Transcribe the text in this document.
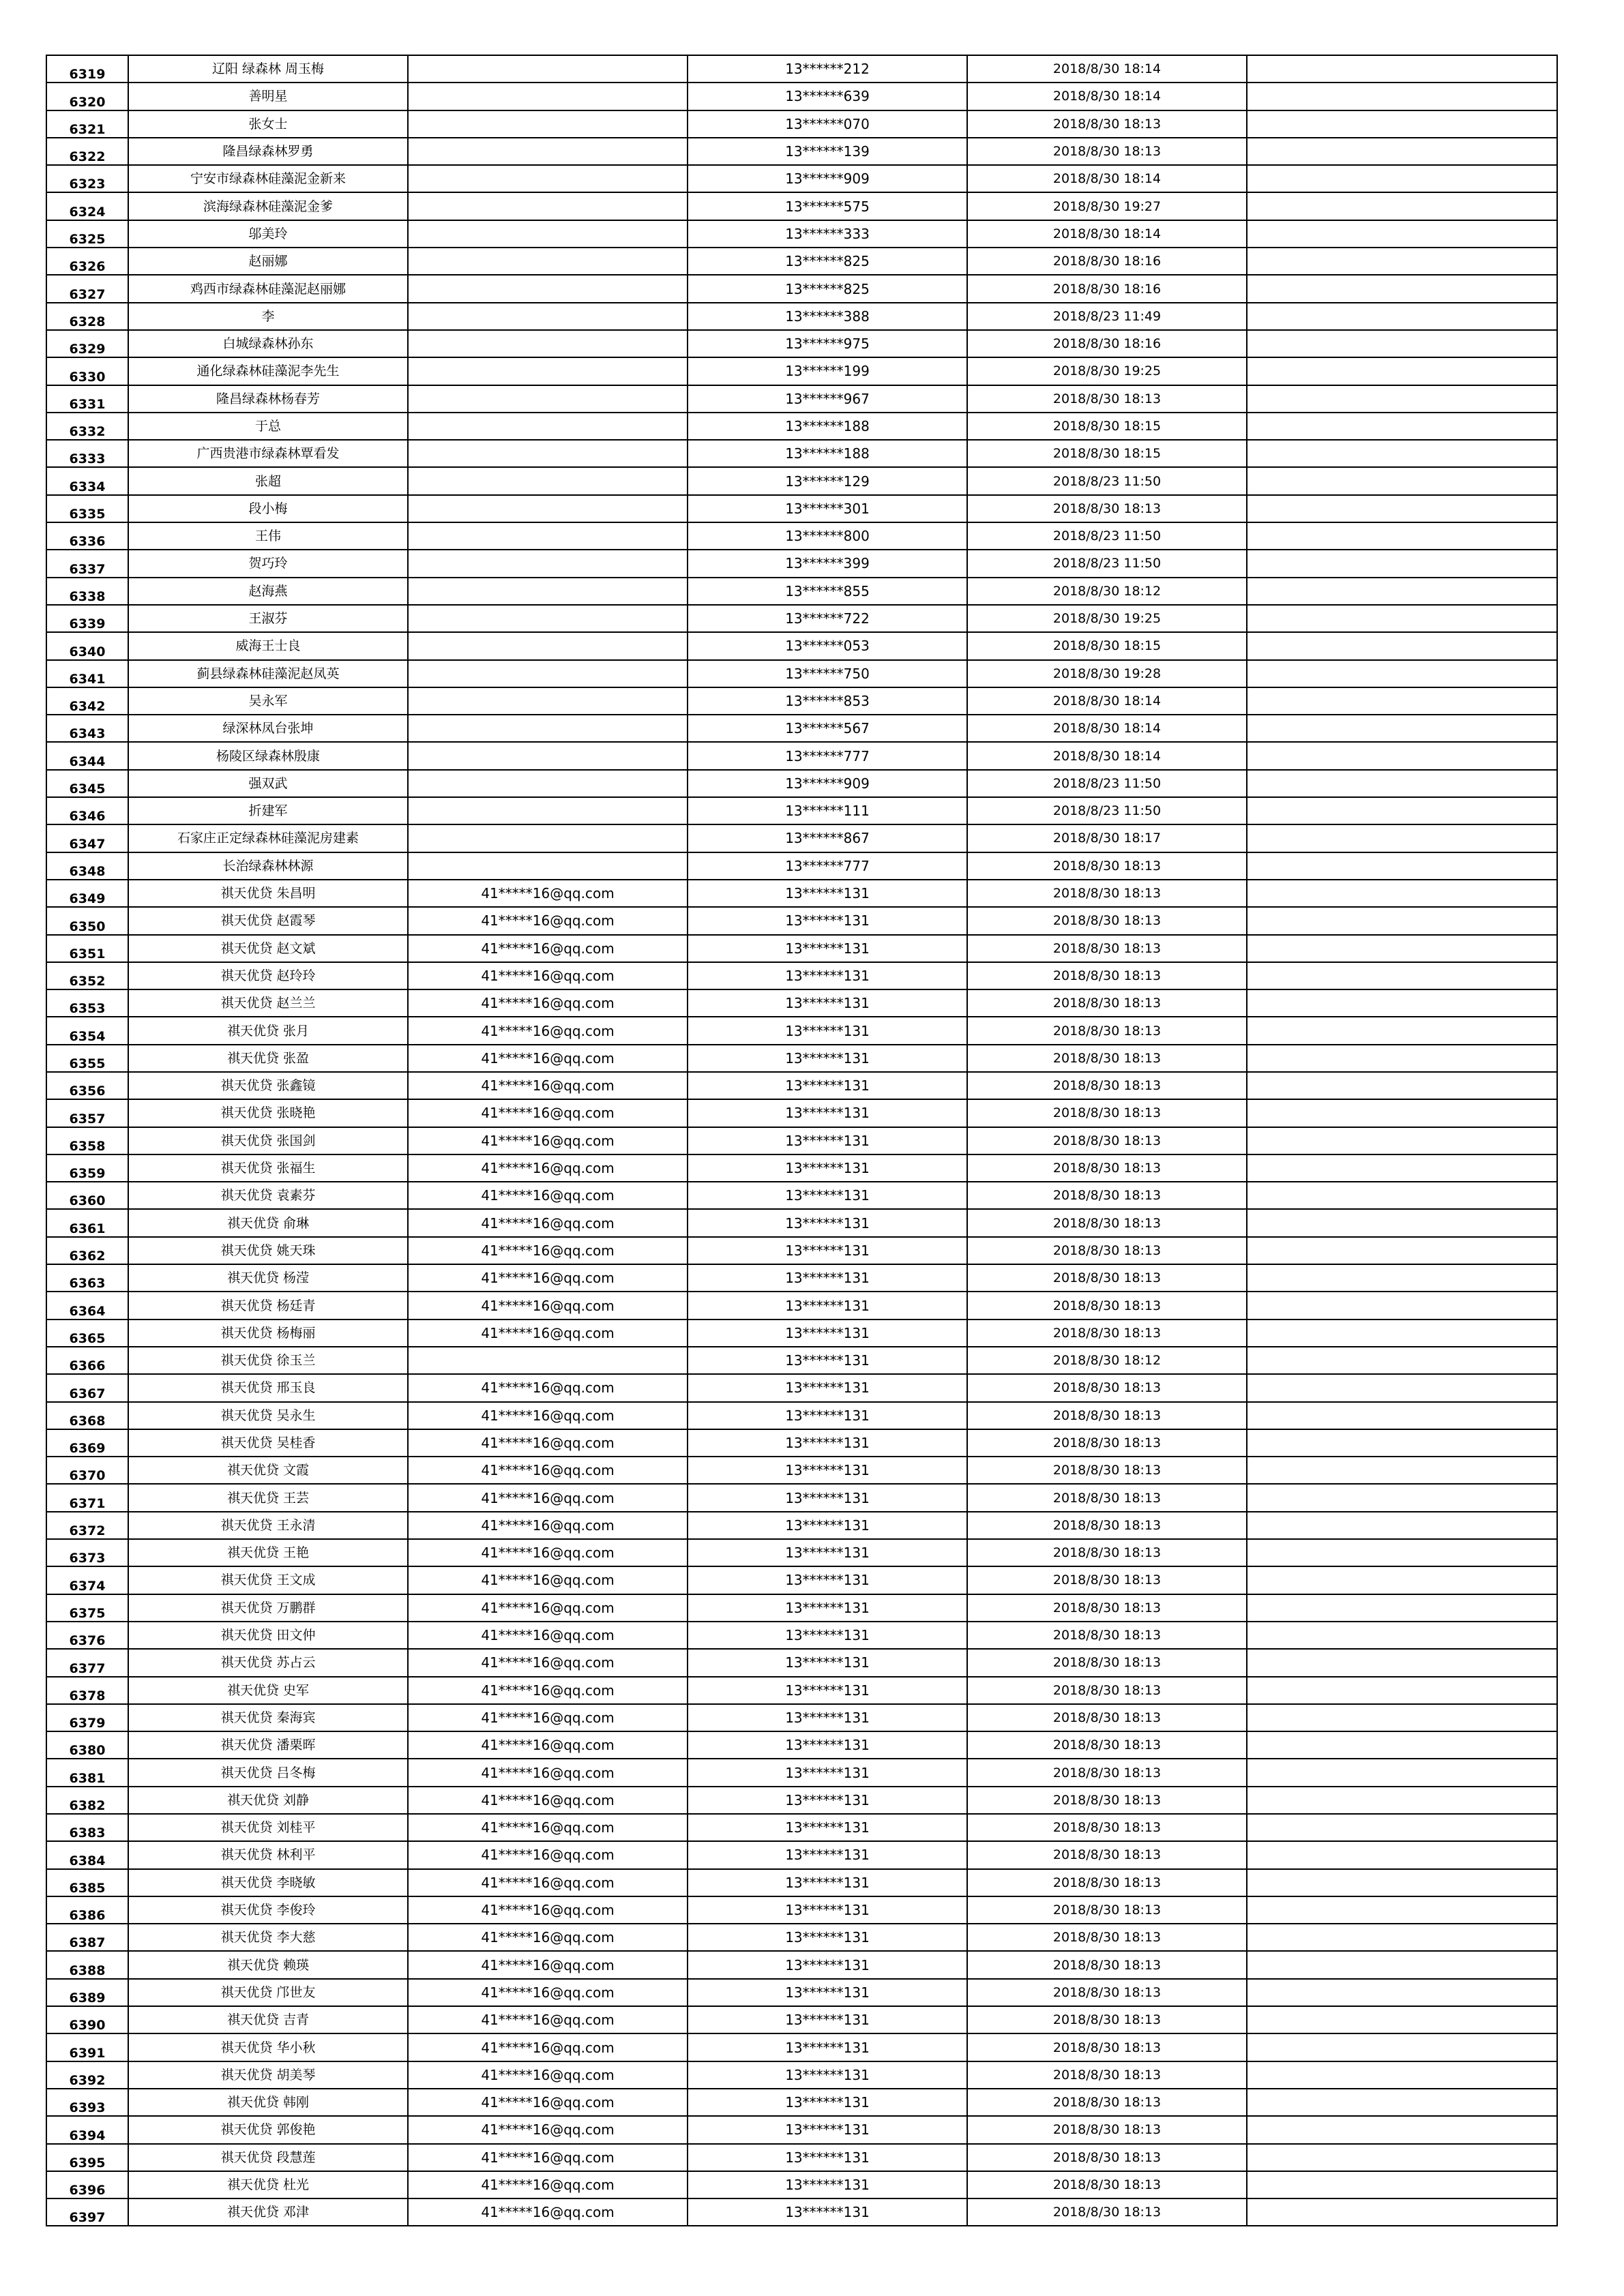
6319	辽阳 绿森林 周玉梅		13******212	2018/8/30 18:14	
6320	善明星		13******639	2018/8/30 18:14	
6321	张女士		13******070	2018/8/30 18:13	
6322	隆昌绿森林罗勇		13******139	2018/8/30 18:13	
6323	宁安市绿森林硅藻泥金新来		13******909	2018/8/30 18:14	
6324	滨海绿森林硅藻泥金爹		13******575	2018/8/30 19:27	
6325	邬美玲		13******333	2018/8/30 18:14	
6326	赵丽娜		13******825	2018/8/30 18:16	
6327	鸡西市绿森林硅藻泥赵丽娜		13******825	2018/8/30 18:16	
6328	李		13******388	2018/8/23 11:49	
6329	白城绿森林孙东		13******975	2018/8/30 18:16	
6330	通化绿森林硅藻泥李先生		13******199	2018/8/30 19:25	
6331	隆昌绿森林杨春芳		13******967	2018/8/30 18:13	
6332	于总		13******188	2018/8/30 18:15	
6333	广西贵港市绿森林覃看发		13******188	2018/8/30 18:15	
6334	张超		13******129	2018/8/23 11:50	
6335	段小梅		13******301	2018/8/30 18:13	
6336	王伟		13******800	2018/8/23 11:50	
6337	贺巧玲		13******399	2018/8/23 11:50	
6338	赵海燕		13******855	2018/8/30 18:12	
6339	王淑芬		13******722	2018/8/30 19:25	
6340	威海王士良		13******053	2018/8/30 18:15	
6341	蓟县绿森林硅藻泥赵凤英		13******750	2018/8/30 19:28	
6342	吴永军		13******853	2018/8/30 18:14	
6343	绿深林凤台张坤		13******567	2018/8/30 18:14	
6344	杨陵区绿森林殷康		13******777	2018/8/30 18:14	
6345	强双武		13******909	2018/8/23 11:50	
6346	折建军		13******111	2018/8/23 11:50	
6347	石家庄正定绿森林硅藻泥房建素		13******867	2018/8/30 18:17	
6348	长治绿森林林源		13******777	2018/8/30 18:13	
6349	祺天优贷 朱昌明	41*****16@qq.com	13******131	2018/8/30 18:13	
6350	祺天优贷 赵霞琴	41*****16@qq.com	13******131	2018/8/30 18:13	
6351	祺天优贷 赵文斌	41*****16@qq.com	13******131	2018/8/30 18:13	
6352	祺天优贷 赵玲玲	41*****16@qq.com	13******131	2018/8/30 18:13	
6353	祺天优贷 赵兰兰	41*****16@qq.com	13******131	2018/8/30 18:13	
6354	祺天优贷 张月	41*****16@qq.com	13******131	2018/8/30 18:13	
6355	祺天优贷 张盈	41*****16@qq.com	13******131	2018/8/30 18:13	
6356	祺天优贷 张鑫镜	41*****16@qq.com	13******131	2018/8/30 18:13	
6357	祺天优贷 张晓艳	41*****16@qq.com	13******131	2018/8/30 18:13	
6358	祺天优贷 张国剑	41*****16@qq.com	13******131	2018/8/30 18:13	
6359	祺天优贷 张福生	41*****16@qq.com	13******131	2018/8/30 18:13	
6360	祺天优贷 袁素芬	41*****16@qq.com	13******131	2018/8/30 18:13	
6361	祺天优贷 俞琳	41*****16@qq.com	13******131	2018/8/30 18:13	
6362	祺天优贷 姚天珠	41*****16@qq.com	13******131	2018/8/30 18:13	
6363	祺天优贷 杨滢	41*****16@qq.com	13******131	2018/8/30 18:13	
6364	祺天优贷 杨廷青	41*****16@qq.com	13******131	2018/8/30 18:13	
6365	祺天优贷 杨梅丽	41*****16@qq.com	13******131	2018/8/30 18:13	
6366	祺天优贷 徐玉兰		13******131	2018/8/30 18:12	
6367	祺天优贷 邢玉良	41*****16@qq.com	13******131	2018/8/30 18:13	
6368	祺天优贷 吴永生	41*****16@qq.com	13******131	2018/8/30 18:13	
6369	祺天优贷 吴桂香	41*****16@qq.com	13******131	2018/8/30 18:13	
6370	祺天优贷 文霞	41*****16@qq.com	13******131	2018/8/30 18:13	
6371	祺天优贷 王芸	41*****16@qq.com	13******131	2018/8/30 18:13	
6372	祺天优贷 王永清	41*****16@qq.com	13******131	2018/8/30 18:13	
6373	祺天优贷 王艳	41*****16@qq.com	13******131	2018/8/30 18:13	
6374	祺天优贷 王文成	41*****16@qq.com	13******131	2018/8/30 18:13	
6375	祺天优贷 万鹏群	41*****16@qq.com	13******131	2018/8/30 18:13	
6376	祺天优贷 田文仲	41*****16@qq.com	13******131	2018/8/30 18:13	
6377	祺天优贷 苏占云	41*****16@qq.com	13******131	2018/8/30 18:13	
6378	祺天优贷 史军	41*****16@qq.com	13******131	2018/8/30 18:13	
6379	祺天优贷 秦海宾	41*****16@qq.com	13******131	2018/8/30 18:13	
6380	祺天优贷 潘栗晖	41*****16@qq.com	13******131	2018/8/30 18:13	
6381	祺天优贷 吕冬梅	41*****16@qq.com	13******131	2018/8/30 18:13	
6382	祺天优贷 刘静	41*****16@qq.com	13******131	2018/8/30 18:13	
6383	祺天优贷 刘桂平	41*****16@qq.com	13******131	2018/8/30 18:13	
6384	祺天优贷 林利平	41*****16@qq.com	13******131	2018/8/30 18:13	
6385	祺天优贷 李晓敏	41*****16@qq.com	13******131	2018/8/30 18:13	
6386	祺天优贷 李俊玲	41*****16@qq.com	13******131	2018/8/30 18:13	
6387	祺天优贷 李大慈	41*****16@qq.com	13******131	2018/8/30 18:13	
6388	祺天优贷 赖瑛	41*****16@qq.com	13******131	2018/8/30 18:13	
6389	祺天优贷 邝世友	41*****16@qq.com	13******131	2018/8/30 18:13	
6390	祺天优贷 吉青	41*****16@qq.com	13******131	2018/8/30 18:13	
6391	祺天优贷 华小秋	41*****16@qq.com	13******131	2018/8/30 18:13	
6392	祺天优贷 胡美琴	41*****16@qq.com	13******131	2018/8/30 18:13	
6393	祺天优贷 韩刚	41*****16@qq.com	13******131	2018/8/30 18:13	
6394	祺天优贷 郭俊艳	41*****16@qq.com	13******131	2018/8/30 18:13	
6395	祺天优贷 段慧莲	41*****16@qq.com	13******131	2018/8/30 18:13	
6396	祺天优贷 杜光	41*****16@qq.com	13******131	2018/8/30 18:13	
6397	祺天优贷 邓津	41*****16@qq.com	13******131	2018/8/30 18:13	
